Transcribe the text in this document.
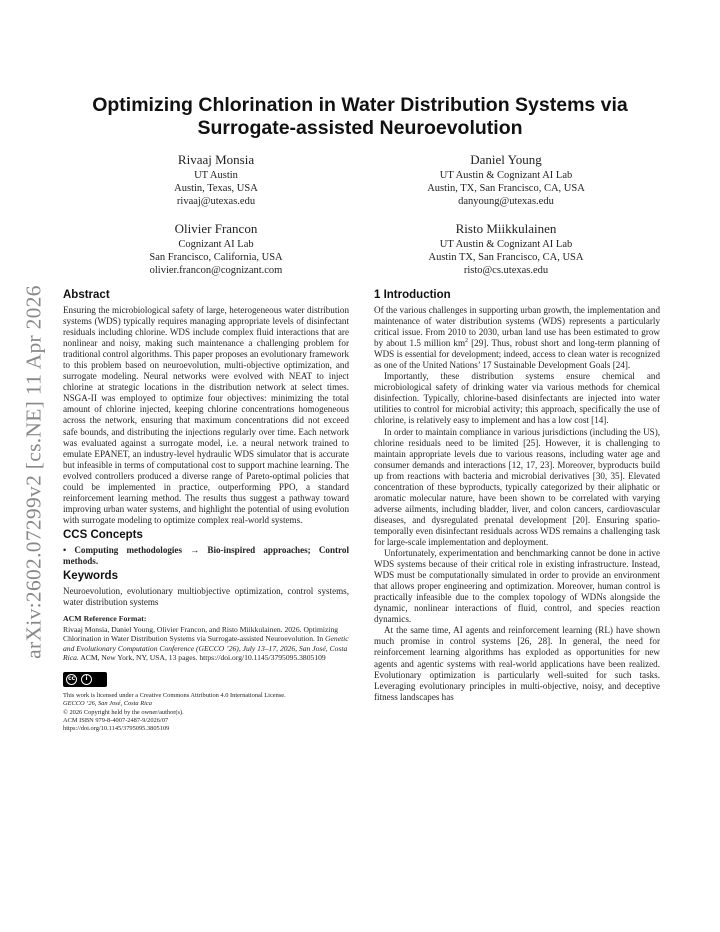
arXiv:2602.07299v2 [cs.NE] 11 Apr 2026
Optimizing Chlorination in Water Distribution Systems via Surrogate-assisted Neuroevolution
Rivaaj Monsia
UT Austin
Austin, Texas, USA
rivaaj@utexas.edu
Daniel Young
UT Austin & Cognizant AI Lab
Austin, TX, San Francisco, CA, USA
danyoung@utexas.edu
Olivier Francon
Cognizant AI Lab
San Francisco, California, USA
olivier.francon@cognizant.com
Risto Miikkulainen
UT Austin & Cognizant AI Lab
Austin TX, San Francisco, CA, USA
risto@cs.utexas.edu
Abstract

Ensuring the microbiological safety of large, heterogeneous water distribution systems (WDS) typically requires managing appropriate levels of disinfectant residuals including chlorine. WDS include complex fluid interactions that are nonlinear and noisy, making such maintenance a challenging problem for traditional control algorithms. This paper proposes an evolutionary framework to this problem based on neuroevolution, multi-objective optimization, and surrogate modeling. Neural networks were evolved with NEAT to inject chlorine at strategic locations in the distribution network at select times. NSGA-II was employed to optimize four objectives: minimizing the total amount of chlorine injected, keeping chlorine concentrations homogeneous across the network, ensuring that maximum concentrations did not exceed safe bounds, and distributing the injections regularly over time. Each network was evaluated against a surrogate model, i.e. a neural network trained to emulate EPANET, an industry-level hydraulic WDS simulator that is accurate but infeasible in terms of computational cost to support machine learning. The evolved controllers produced a diverse range of Pareto-optimal policies that could be implemented in practice, outperforming PPO, a standard reinforcement learning method. The results thus suggest a pathway toward improving urban water systems, and highlight the potential of using evolution with surrogate modeling to optimize complex real-world systems.

CCS Concepts

• Computing methodologies → Bio-inspired approaches; Control methods.

Keywords

Neuroevolution, evolutionary multiobjective optimization, control systems, water distribution systems

ACM Reference Format:

Rivaaj Monsia, Daniel Young, Olivier Francon, and Risto Miikkulainen. 2026. Optimizing Chlorination in Water Distribution Systems via Surrogate-assisted Neuroevolution. In Genetic and Evolutionary Computation Conference (GECCO ’26), July 13–17, 2026, San José, Costa Rica. ACM, New York, NY, USA, 13 pages. https://doi.org/10.1145/3795095.3805109

cc	i
This work is licensed under a Creative Commons Attribution 4.0 International License.
GECCO ’26, San José, Costa Rica
© 2026 Copyright held by the owner/author(s).
ACM ISBN 979-8-4007-2487-9/2026/07
https://doi.org/10.1145/3795095.3805109
1 Introduction

Of the various challenges in supporting urban growth, the implementation and maintenance of water distribution systems (WDS) represents a particularly critical issue. From 2010 to 2030, urban land use has been estimated to grow by about 1.5 million $km^2$ [29]. Thus, robust short and long-term planning of WDS is essential for development; indeed, access to clean water is recognized as one of the United Nations’ 17 Sustainable Development Goals [24].

Importantly, these distribution systems ensure chemical and microbiological safety of drinking water via various methods for chemical disinfection. Typically, chlorine-based disinfectants are injected into water utilities to control for microbial activity; this approach, specifically the use of chlorine, is relatively easy to implement and has a low cost [14].

In order to maintain compliance in various jurisdictions (including the US), chlorine residuals need to be limited [25]. However, it is challenging to maintain appropriate levels due to various reasons, including water age and consumer demands and interactions [12, 17, 23]. Moreover, byproducts build up from reactions with bacteria and microbial derivatives [30, 35]. Elevated concentration of these byproducts, typically categorized by their aliphatic or aromatic molecular nature, have been shown to be correlated with varying adverse ailments, including bladder, liver, and colon cancers, cardiovascular diseases, and dysregulated prenatal development [20]. Ensuring spatio-temporally even disinfectant residuals across WDS remains a challenging task for large-scale implementation and deployment.

Unfortunately, experimentation and benchmarking cannot be done in active WDS systems because of their critical role in existing infrastructure. Instead, WDS must be computationally simulated in order to provide an environment that allows proper engineering and optimization. Moreover, human control is practically infeasible due to the complex topology of WDNs alongside the dynamic, nonlinear interactions of fluid, control, and species reaction dynamics.

At the same time, AI agents and reinforcement learning (RL) have shown much promise in control systems [26, 28]. In general, the need for reinforcement learning algorithms has exploded as opportunities for new agents and agentic systems with real-world applications have been realized. Evolutionary optimization is particularly well-suited for such tasks. Leveraging evolutionary principles in multi-objective, noisy, and deceptive fitness landscapes has
